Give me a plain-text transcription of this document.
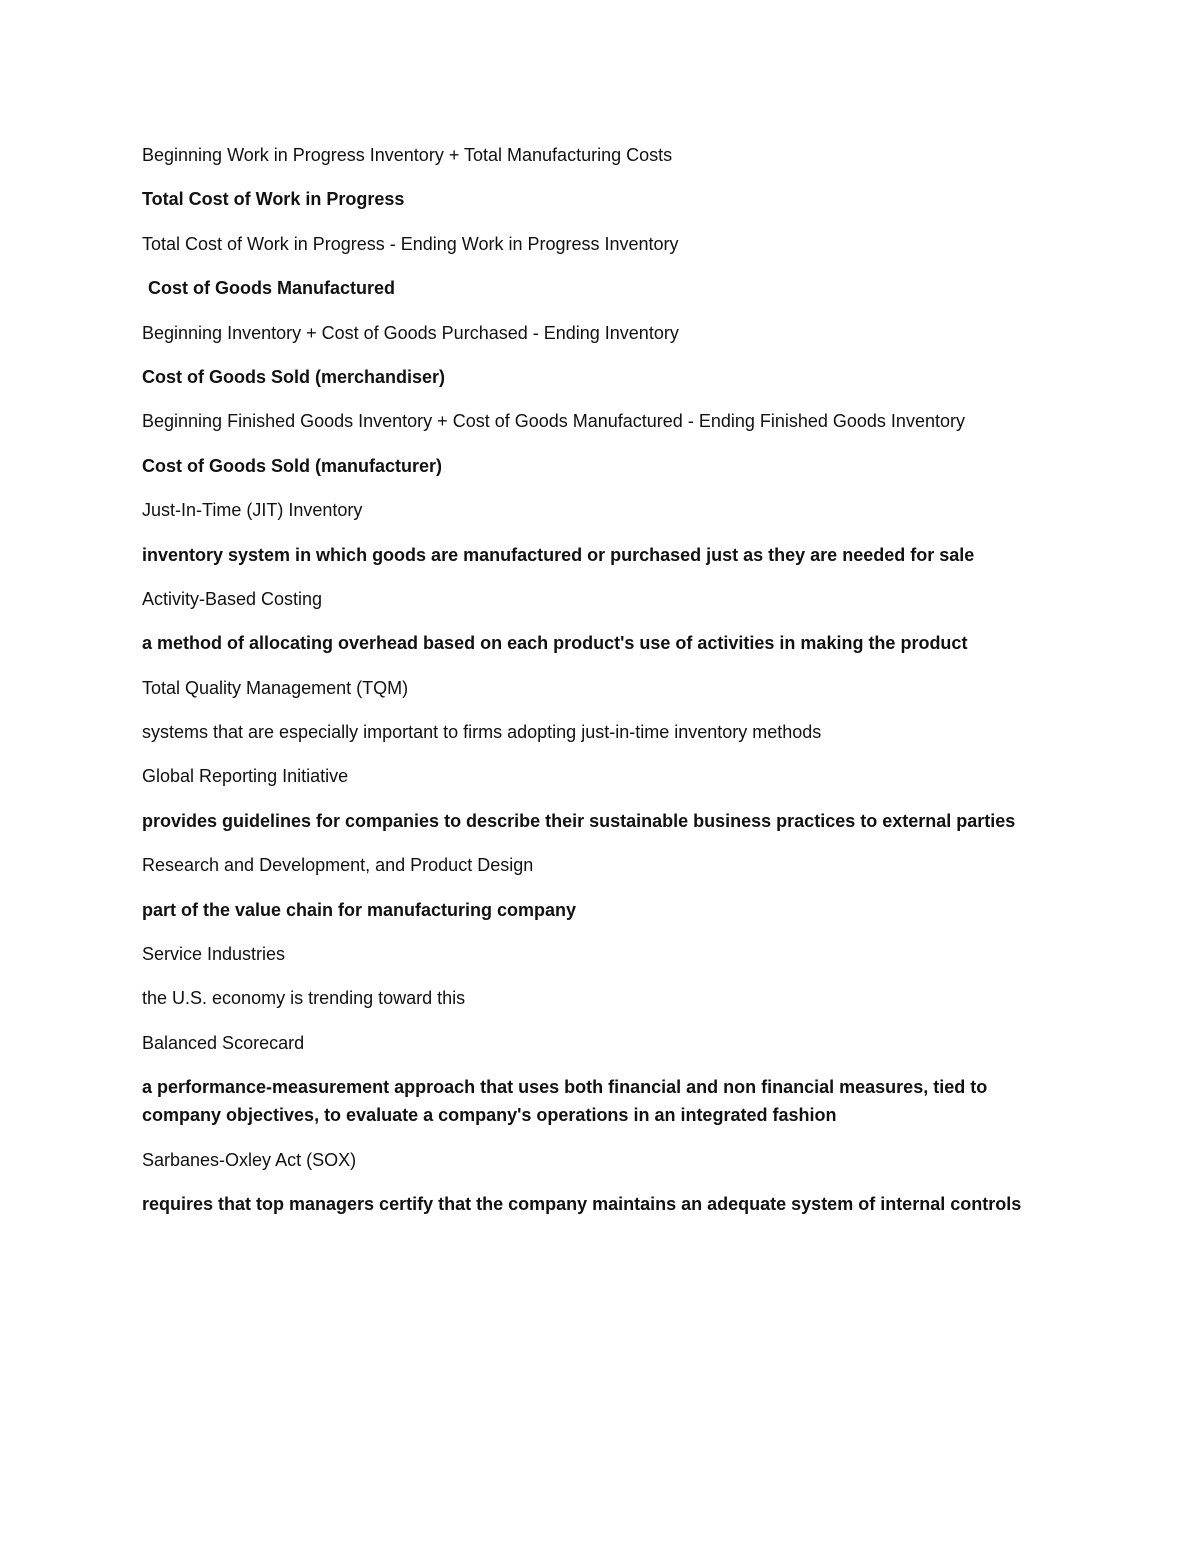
Beginning Work in Progress Inventory + Total Manufacturing Costs

Total Cost of Work in Progress

Total Cost of Work in Progress - Ending Work in Progress Inventory

Cost of Goods Manufactured

Beginning Inventory + Cost of Goods Purchased - Ending Inventory

Cost of Goods Sold (merchandiser)

Beginning Finished Goods Inventory + Cost of Goods Manufactured - Ending Finished Goods Inventory

Cost of Goods Sold (manufacturer)

Just-In-Time (JIT) Inventory

inventory system in which goods are manufactured or purchased just as they are needed for sale

Activity-Based Costing

a method of allocating overhead based on each product's use of activities in making the product

Total Quality Management (TQM)

systems that are especially important to firms adopting just-in-time inventory methods

Global Reporting Initiative

provides guidelines for companies to describe their sustainable business practices to external parties

Research and Development, and Product Design

part of the value chain for manufacturing company

Service Industries

the U.S. economy is trending toward this

Balanced Scorecard

a performance-measurement approach that uses both financial and non financial measures, tied to company objectives, to evaluate a company's operations in an integrated fashion

Sarbanes-Oxley Act (SOX)

requires that top managers certify that the company maintains an adequate system of internal controls
